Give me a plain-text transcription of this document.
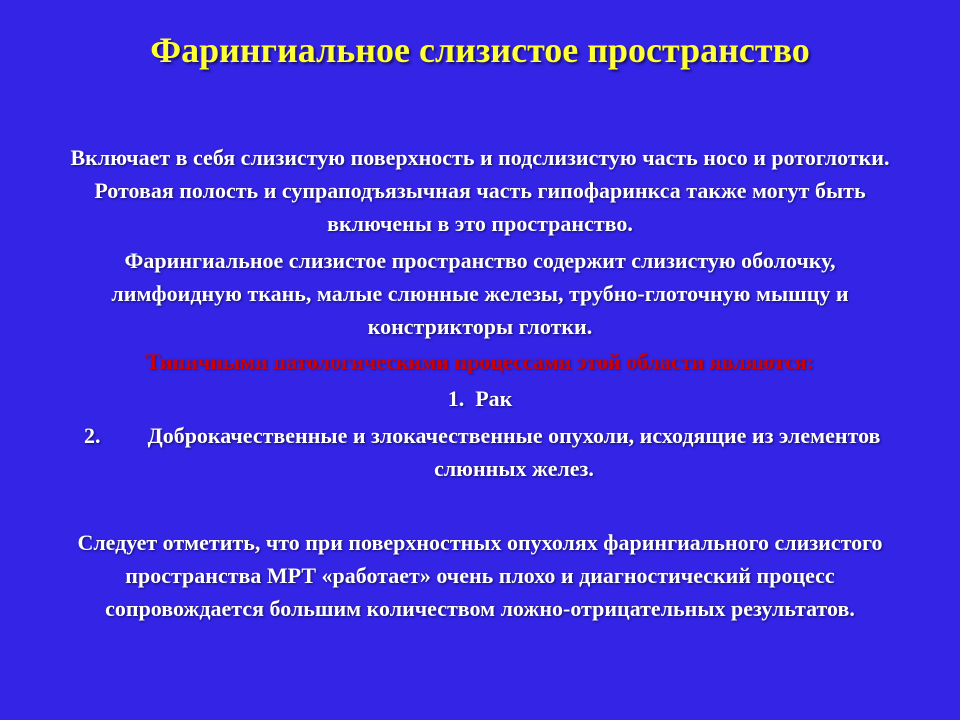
Фарингиальное слизистое пространство
Включает в себя слизистую поверхность и подслизистую часть носо и ротоглотки. Ротовая полость и супраподъязычная часть гипофаринкса также могут быть включены в это пространство.
Фарингиальное слизистое пространство содержит слизистую оболочку, лимфоидную ткань, малые слюнные железы, трубно-глоточную мышцу и констрикторы глотки.
Типичными патологическими процессами этой области являются:
1. Рак
2.	Доброкачественные и злокачественные опухоли, исходящие из элементов слюнных желез.
Следует отметить, что при поверхностных опухолях фарингиального слизистого пространства МРТ «работает» очень плохо и диагностический процесс сопровождается большим количеством ложно-отрицательных результатов.
